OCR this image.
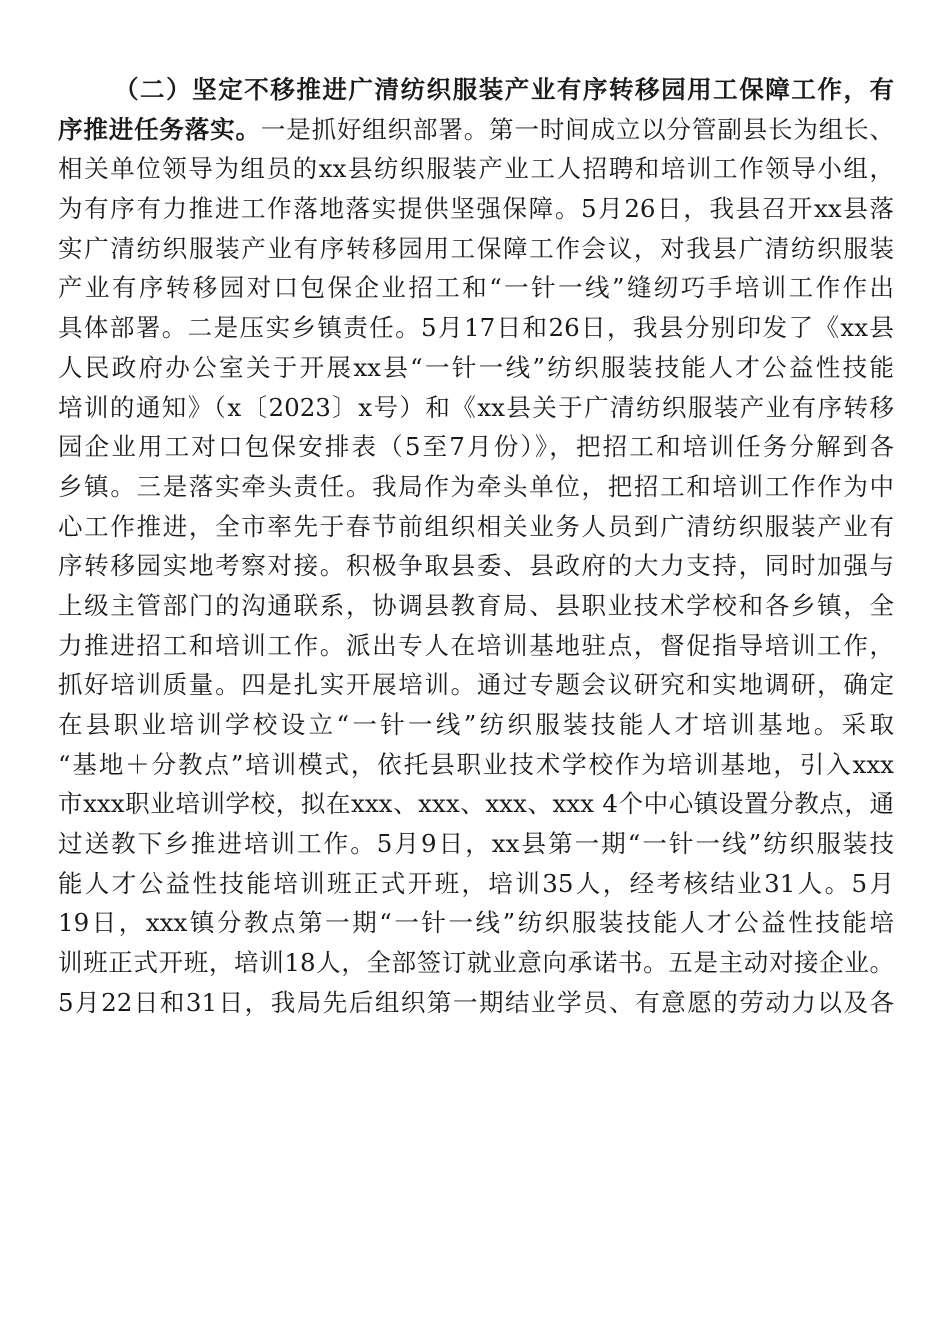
（二）坚定不移推进广清纺织服装产业有序转移园用工保障工作，有
序推进任务落实。一是抓好组织部署。第一时间成立以分管副县长为组长、
相关单位领导为组员的xx县纺织服装产业工人招聘和培训工作领导小组，
为有序有力推进工作落地落实提供坚强保障。5月26日，我县召开xx县落
实广清纺织服装产业有序转移园用工保障工作会议，对我县广清纺织服装
产业有序转移园对口包保企业招工和“一针一线”缝纫巧手培训工作作出
具体部署。二是压实乡镇责任。5月17日和26日，我县分别印发了《xx县
人民政府办公室关于开展xx县“一针一线”纺织服装技能人才公益性技能
培训的通知》（x〔2023〕x号）和《xx县关于广清纺织服装产业有序转移
园企业用工对口包保安排表（5至7月份）》，把招工和培训任务分解到各
乡镇。三是落实牵头责任。我局作为牵头单位，把招工和培训工作作为中
心工作推进，全市率先于春节前组织相关业务人员到广清纺织服装产业有
序转移园实地考察对接。积极争取县委、县政府的大力支持，同时加强与
上级主管部门的沟通联系，协调县教育局、县职业技术学校和各乡镇，全
力推进招工和培训工作。派出专人在培训基地驻点，督促指导培训工作，
抓好培训质量。四是扎实开展培训。通过专题会议研究和实地调研，确定
在县职业培训学校设立“一针一线”纺织服装技能人才培训基地。采取
“基地＋分教点”培训模式，依托县职业技术学校作为培训基地，引入xxx
市xxx职业培训学校，拟在xxx、xxx、xxx、xxx 4个中心镇设置分教点，通
过送教下乡推进培训工作。5月9日，xx县第一期“一针一线”纺织服装技
能人才公益性技能培训班正式开班，培训35人，经考核结业31人。5月
19日，xxx镇分教点第一期“一针一线”纺织服装技能人才公益性技能培
训班正式开班，培训18人，全部签订就业意向承诺书。五是主动对接企业。
5月22日和31日，我局先后组织第一期结业学员、有意愿的劳动力以及各
